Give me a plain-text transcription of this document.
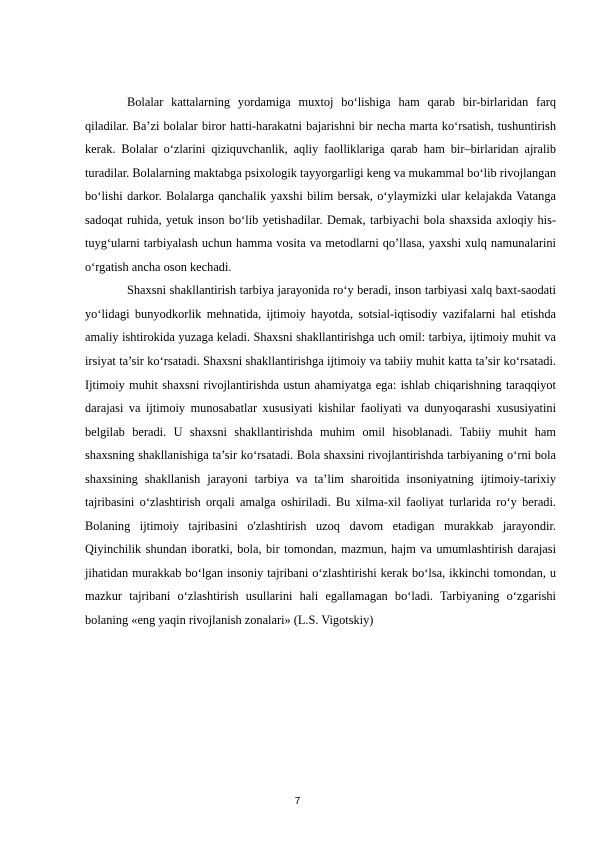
Bolalar kattalarning yordamiga muxtoj boʻlishiga ham qarab bir-birlaridan farq qiladilar. Ba’zi bolalar biror hatti-harakatni bajarishni bir necha marta koʻrsatish, tushuntirish kerak. Bolalar oʻzlarini qiziquvchanlik, aqliy faolliklariga qarab ham bir–birlaridan ajralib turadilar. Bolalarning maktabga psixologik tayyorgarligi keng va mukammal boʻlib rivojlangan boʻlishi darkor. Bolalarga qanchalik yaxshi bilim bersak, oʻylaymizki ular kelajakda Vatanga sadoqat ruhida, yetuk inson boʻlib yetishadilar. Demak, tarbiyachi bola shaxsida axloqiy his-tuygʻularni tarbiyalash uchun hamma vosita va metodlarni qo’llasa, yaxshi xulq namunalarini oʻrgatish ancha oson kechadi.

Shaxsni shakllantirish tarbiya jarayonida ro‘y beradi, inson tarbiyasi xalq baxt-saodati yo‘lidagi bunyodkorlik mehnatida, ijtimoiy hayotda, sotsial-iqtisodiy vazifalarni hal etishda amaliy ishtirokida yuzaga keladi. Shaxsni shakllantirishga uch omil: tarbiya, ijtimoiy muhit va irsiyat ta’sir ko‘rsatadi. Shaxsni shakllantirishga ijtimoiy va tabiiy muhit katta ta’sir ko‘rsatadi. Ijtimoiy muhit shaxsni rivojlantirishda ustun ahamiyatga ega: ishlab chiqarishning taraqqiyot darajasi va ijtimoiy munosabatlar xususiyati kishilar faoliyati va dunyoqarashi xususiyatini belgilab beradi. U shaxsni shakllantirishda muhim omil hisoblanadi. Tabiiy muhit ham shaxsning shakllanishiga ta’sir ko‘rsatadi. Bola shaxsini rivojlantirishda tarbiyaning o‘rni bola shaxsining shakllanish jarayoni tarbiya va ta’lim sharoitida insoniyatning ijtimoiy-tarixiy tajribasini o‘zlashtirish orqali amalga oshiriladi. Bu xilma-xil faoliyat turlarida ro‘y beradi. Bolaning ijtimoiy tajribasini o'zlashtirish uzoq davom etadigan murakkab jarayondir. Qiyinchilik shundan iboratki, bola, bir tomondan, mazmun, hajm va umumlashtirish darajasi jihatidan murakkab bo‘lgan insoniy tajribani o‘zlashtirishi kerak bo‘lsa, ikkinchi tomondan, u mazkur tajribani o‘zlashtirish usullarini hali egallamagan bo‘ladi. Tarbiyaning o‘zgarishi bolaning «eng yaqin rivojlanish zonalari» (L.S. Vigotskiy)

7
